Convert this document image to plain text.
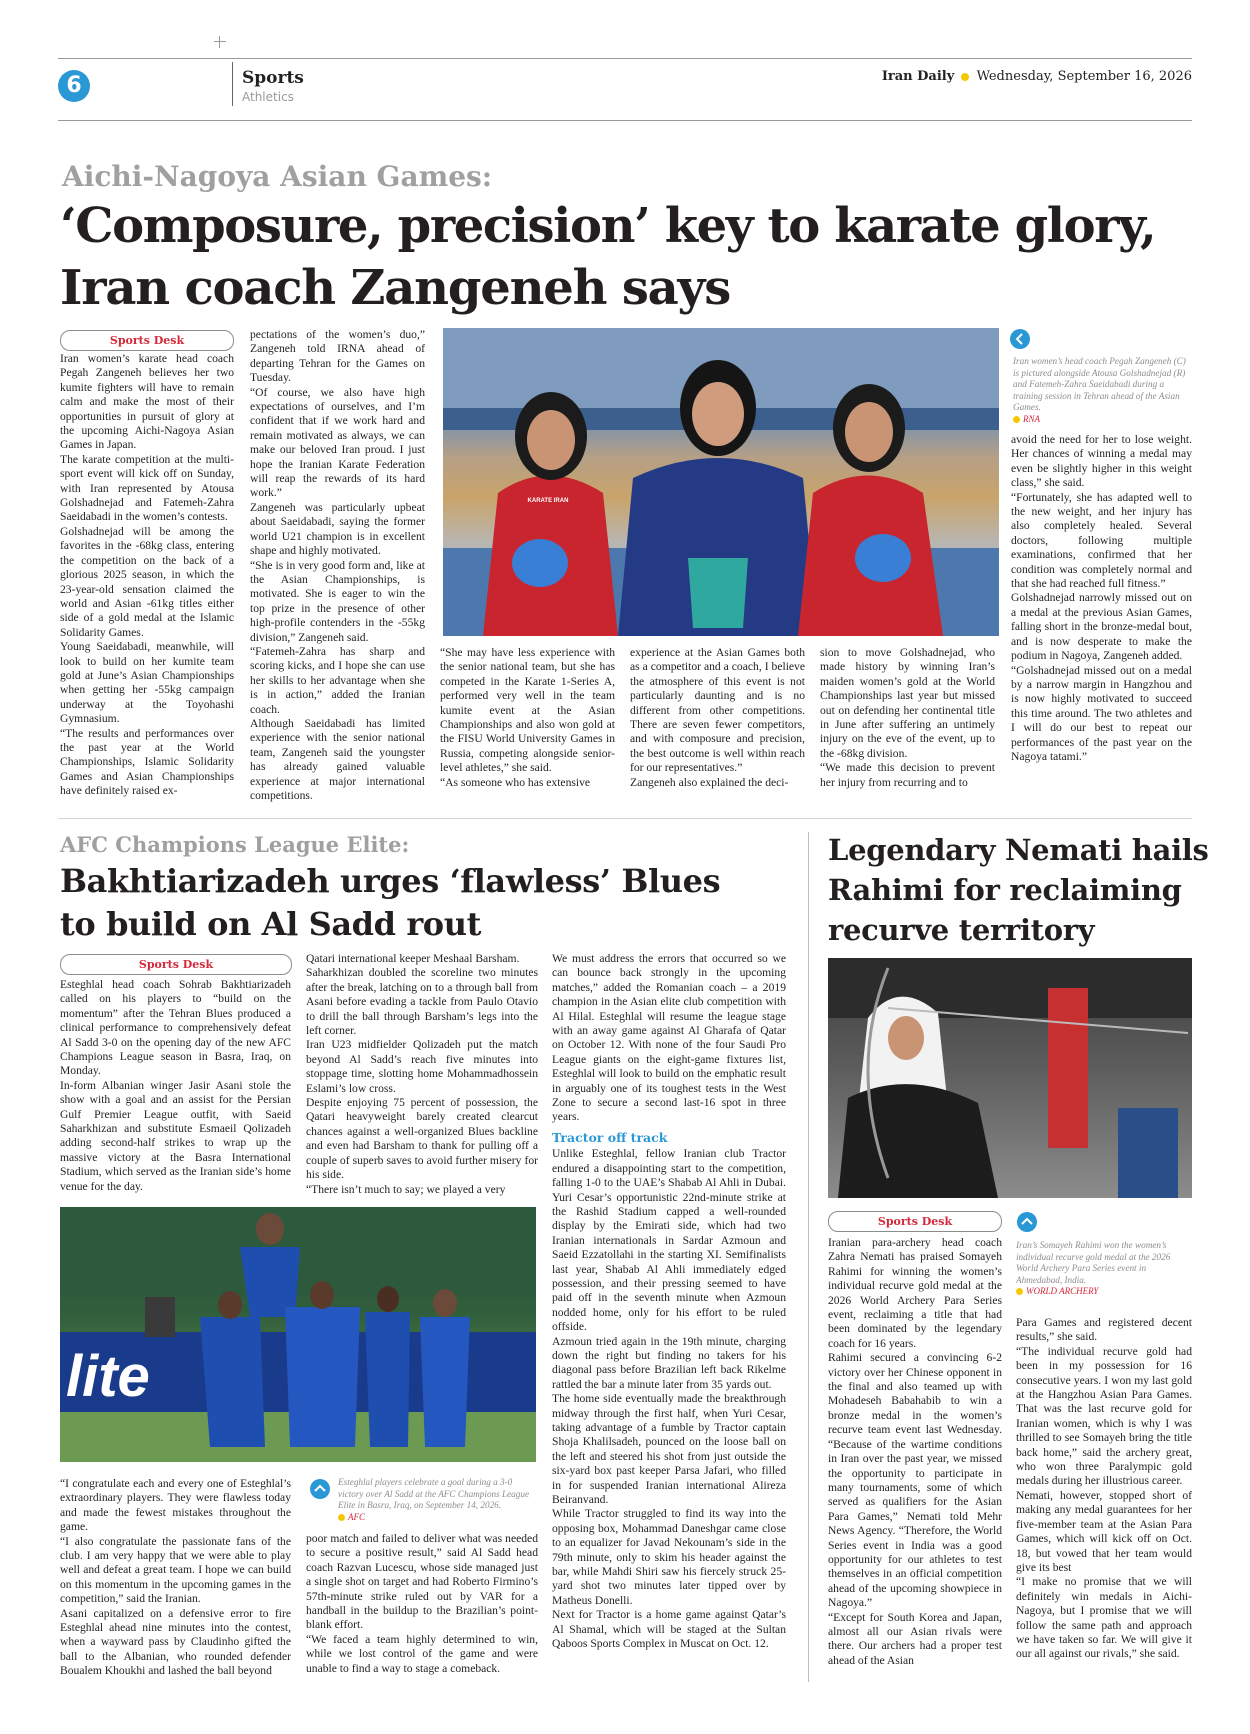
6	Sports
Athletics
Iran Daily Wednesday, September 16, 2026
Aichi-Nagoya Asian Games:
‘Composure, precision’ key to karate glory,
Iran coach Zangeneh says
Sports Desk
Iran women’s karate head coach Pegah Zangeneh believes her two kumite fighters will have to remain calm and make the most of their opportunities in pursuit of glory at the upcoming Aichi-Nagoya Asian Games in Japan.
The karate competition at the multi-sport event will kick off on Sunday, with Iran represented by Atousa Golshadnejad and Fatemeh-Zahra Saeidabadi in the women’s contests.
Golshadnejad will be among the favorites in the -68kg class, entering the competition on the back of a glorious 2025 season, in which the 23-year-old sensation claimed the world and Asian -61kg titles either side of a gold medal at the Islamic Solidarity Games.
Young Saeidabadi, meanwhile, will look to build on her kumite team gold at June’s Asian Championships when getting her -55kg campaign underway at the Toyohashi Gymnasium.
“The results and performances over the past year at the World Championships, Islamic Solidarity Games and Asian Championships have definitely raised ex-
pectations of the women’s duo,” Zangeneh told IRNA ahead of departing Tehran for the Games on Tuesday.
“Of course, we also have high expectations of ourselves, and I’m confident that if we work hard and remain motivated as always, we can make our beloved Iran proud. I just hope the Iranian Karate Federation will reap the rewards of its hard work.”
Zangeneh was particularly upbeat about Saeidabadi, saying the former world U21 champion is in excellent shape and highly motivated.
“She is in very good form and, like at the Asian Championships, is motivated. She is eager to win the top prize in the presence of other high-profile contenders in the -55kg division,” Zangeneh said.
“Fatemeh-Zahra has sharp and scoring kicks, and I hope she can use her skills to her advantage when she is in action,” added the Iranian coach.
Although Saeidabadi has limited experience with the senior national team, Zangeneh said the youngster has already gained valuable experience at major international competitions.
KARATE IRAN
Iran women’s head coach Pegah Zangeneh (C) is pictured alongside Atousa Golshadnejad (R) and Fatemeh-Zahra Saeidabadi during a training session in Tehran ahead of the Asian Games.
RNA
“She may have less experience with the senior national team, but she has competed in the Karate 1-Series A, performed very well in the team kumite event at the Asian Championships and also won gold at the FISU World University Games in Russia, competing alongside senior-level athletes,” she said.
“As someone who has extensive
experience at the Asian Games both as a competitor and a coach, I believe the atmosphere of this event is not particularly daunting and is no different from other competitions. There are seven fewer competitors, and with composure and precision, the best outcome is well within reach for our representatives.”
Zangeneh also explained the deci-
sion to move Golshadnejad, who made history by winning Iran’s maiden women’s gold at the World Championships last year but missed out on defending her continental title in June after suffering an untimely injury on the eve of the event, up to the -68kg division.
“We made this decision to prevent her injury from recurring and to
avoid the need for her to lose weight. Her chances of winning a medal may even be slightly higher in this weight class,” she said.
“Fortunately, she has adapted well to the new weight, and her injury has also completely healed. Several doctors, following multiple examinations, confirmed that her condition was completely normal and that she had reached full fitness.”
Golshadnejad narrowly missed out on a medal at the previous Asian Games, falling short in the bronze-medal bout, and is now desperate to make the podium in Nagoya, Zangeneh added.
“Golshadnejad missed out on a medal by a narrow margin in Hangzhou and is now highly motivated to succeed this time around. The two athletes and I will do our best to repeat our performances of the past year on the Nagoya tatami.”
AFC Champions League Elite:
Bakhtiarizadeh urges ‘flawless’ Blues
to build on Al Sadd rout
Sports Desk
Esteghlal head coach Sohrab Bakhtiarizadeh called on his players to “build on the momentum” after the Tehran Blues produced a clinical performance to comprehensively defeat Al Sadd 3-0 on the opening day of the new AFC Champions League season in Basra, Iraq, on Monday.
In-form Albanian winger Jasir Asani stole the show with a goal and an assist for the Persian Gulf Premier League outfit, with Saeid Saharkhizan and substitute Esmaeil Qolizadeh adding second-half strikes to wrap up the massive victory at the Basra International Stadium, which served as the Iranian side’s home venue for the day.
Qatari international keeper Meshaal Barsham.
Saharkhizan doubled the scoreline two minutes after the break, latching on to a through ball from Asani before evading a tackle from Paulo Otavio to drill the ball through Barsham’s legs into the left corner.
Iran U23 midfielder Qolizadeh put the match beyond Al Sadd’s reach five minutes into stoppage time, slotting home Mohammadhossein Eslami’s low cross.
Despite enjoying 75 percent of possession, the Qatari heavyweight barely created clearcut chances against a well-organized Blues backline and even had Barsham to thank for pulling off a couple of superb saves to avoid further misery for his side.
“There isn’t much to say; we played a very

We must address the errors that occurred so we can bounce back strongly in the upcoming matches,” added the Romanian coach – a 2019 champion in the Asian elite club competition with Al Hilal. Esteghlal will resume the league stage with an away game against Al Gharafa of Qatar on October 12. With none of the four Saudi Pro League giants on the eight-game fixtures list, Esteghlal will look to build on the emphatic result in arguably one of its toughest tests in the West Zone to secure a second last-16 spot in three years.

Tractor off track

Unlike Esteghlal, fellow Iranian club Tractor endured a disappointing start to the competition, falling 1-0 to the UAE’s Shabab Al Ahli in Dubai. Yuri Cesar’s opportunistic 22nd-minute strike at the Rashid Stadium capped a well-rounded display by the Emirati side, which had two Iranian internationals in Sardar Azmoun and Saeid Ezzatollahi in the starting XI. Semifinalists last year, Shabab Al Ahli immediately edged possession, and their pressing seemed to have paid off in the seventh minute when Azmoun nodded home, only for his effort to be ruled offside.
Azmoun tried again in the 19th minute, charging down the right but finding no takers for his diagonal pass before Brazilian left back Rikelme rattled the bar a minute later from 35 yards out.
The home side eventually made the breakthrough midway through the first half, when Yuri Cesar, taking advantage of a fumble by Tractor captain Shoja Khalilsadeh, pounced on the loose ball on the left and steered his shot from just outside the six-yard box past keeper Parsa Jafari, who filled in for suspended Iranian international Alireza Beiranvand.
While Tractor struggled to find its way into the opposing box, Mohammad Daneshgar came close to an equalizer for Javad Nekounam’s side in the 79th minute, only to skim his header against the bar, while Mahdi Shiri saw his fiercely struck 25-yard shot two minutes later tipped over by Matheus Donelli.
Next for Tractor is a home game against Qatar’s Al Shamal, which will be staged at the Sultan Qaboos Sports Complex in Muscat on Oct. 12.

lite
“I congratulate each and every one of Esteghlal’s extraordinary players. They were flawless today and made the fewest mistakes throughout the game.
“I also congratulate the passionate fans of the club. I am very happy that we were able to play well and defeat a great team. I hope we can build on this momentum in the upcoming games in the competition,” said the Iranian.
Asani capitalized on a defensive error to fire Esteghlal ahead nine minutes into the contest, when a wayward pass by Claudinho gifted the ball to the Albanian, who rounded defender Boualem Khoukhi and lashed the ball beyond
Esteghlal players celebrate a goal during a 3-0 victory over Al Sadd at the AFC Champions League Elite in Basra, Iraq, on September 14, 2026.
AFC
poor match and failed to deliver what was needed to secure a positive result,” said Al Sadd head coach Razvan Lucescu, whose side managed just a single shot on target and had Roberto Firmino’s 57th-minute strike ruled out by VAR for a handball in the buildup to the Brazilian’s point-blank effort.
“We faced a team highly determined to win, while we lost control of the game and were unable to find a way to stage a comeback.
Legendary Nemati hails
Rahimi for reclaiming
recurve territory
Sports Desk
Iranian para-archery head coach Zahra Nemati has praised Somayeh Rahimi for winning the women’s individual recurve gold medal at the 2026 World Archery Para Series event, reclaiming a title that had been dominated by the legendary coach for 16 years.
Rahimi secured a convincing 6-2 victory over her Chinese opponent in the final and also teamed up with Mohadeseh Babahabib to win a bronze medal in the women’s recurve team event last Wednesday. “Because of the wartime conditions in Iran over the past year, we missed the opportunity to participate in many tournaments, some of which served as qualifiers for the Asian Para Games,” Nemati told Mehr News Agency. “Therefore, the World Series event in India was a good opportunity for our athletes to test themselves in an official competition ahead of the upcoming showpiece in Nagoya.”
“Except for South Korea and Japan, almost all our Asian rivals were there. Our archers had a proper test ahead of the Asian
Iran’s Somayeh Rahimi won the women’s individual recurve gold medal at the 2026 World Archery Para Series event in Ahmedabad, India.
WORLD ARCHERY
Para Games and registered decent results,” she said.
“The individual recurve gold had been in my possession for 16 consecutive years. I won my last gold at the Hangzhou Asian Para Games. That was the last recurve gold for Iranian women, which is why I was thrilled to see Somayeh bring the title back home,” said the archery great, who won three Paralympic gold medals during her illustrious career.
Nemati, however, stopped short of making any medal guarantees for her five-member team at the Asian Para Games, which will kick off on Oct. 18, but vowed that her team would give its best
“I make no promise that we will definitely win medals in Aichi-Nagoya, but I promise that we will follow the same path and approach we have taken so far. We will give it our all against our rivals,” she said.
